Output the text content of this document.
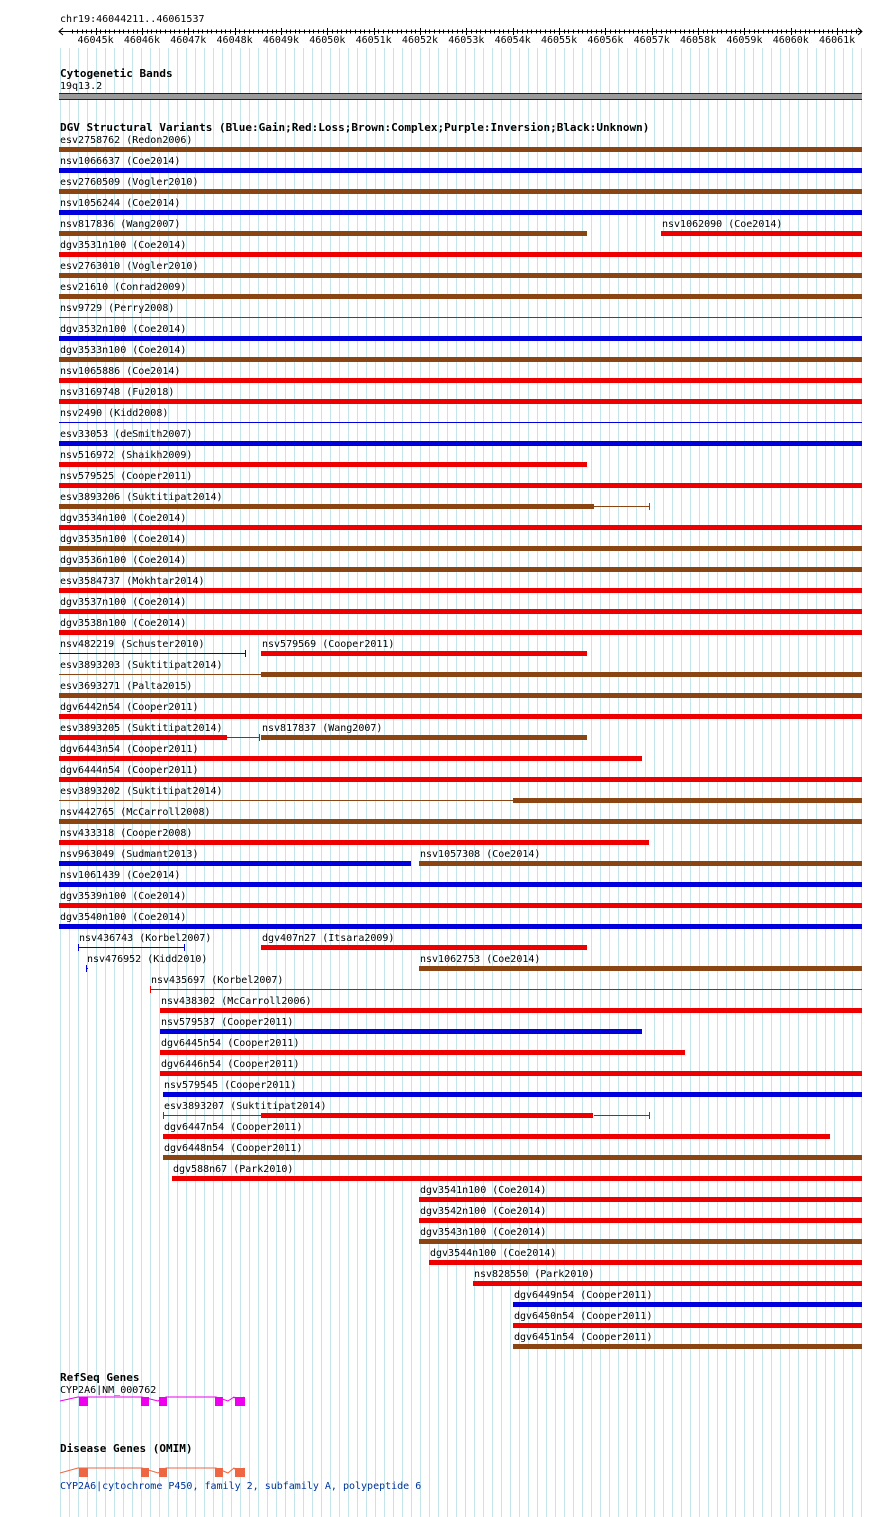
chr19:46044211..46061537
46045k 46046k 46047k 46048k 46049k 46050k 46051k 46052k 46053k 46054k 46055k 46056k 46057k 46058k 46059k 46060k 46061k
Cytogenetic Bands
19q13.2
DGV Structural Variants (Blue:Gain;Red:Loss;Brown:Complex;Purple:Inversion;Black:Unknown)
esv2758762 (Redon2006)
nsv1066637 (Coe2014)
esv2760509 (Vogler2010)
nsv1056244 (Coe2014)
nsv817836 (Wang2007)	nsv1062090 (Coe2014)
dgv3531n100 (Coe2014)
esv2763010 (Vogler2010)
esv21610 (Conrad2009)
nsv9729 (Perry2008)
dgv3532n100 (Coe2014)
dgv3533n100 (Coe2014)
nsv1065886 (Coe2014)
nsv3169748 (Fu2018)
nsv2490 (Kidd2008)
esv33053 (deSmith2007)
nsv516972 (Shaikh2009)
nsv579525 (Cooper2011)
esv3893206 (Suktitipat2014)
dgv3534n100 (Coe2014)
dgv3535n100 (Coe2014)
dgv3536n100 (Coe2014)
esv3584737 (Mokhtar2014)
dgv3537n100 (Coe2014)
dgv3538n100 (Coe2014)
nsv482219 (Schuster2010)	nsv579569 (Cooper2011)
esv3893203 (Suktitipat2014)
esv3693271 (Palta2015)
dgv6442n54 (Cooper2011)
esv3893205 (Suktitipat2014)	nsv817837 (Wang2007)
dgv6443n54 (Cooper2011)
dgv6444n54 (Cooper2011)
esv3893202 (Suktitipat2014)
nsv442765 (McCarroll2008)
nsv433318 (Cooper2008)
nsv963049 (Sudmant2013)	nsv1057308 (Coe2014)
nsv1061439 (Coe2014)
dgv3539n100 (Coe2014)
dgv3540n100 (Coe2014)
nsv436743 (Korbel2007)	dgv407n27 (Itsara2009)
nsv476952 (Kidd2010)	nsv1062753 (Coe2014)
nsv435697 (Korbel2007)
nsv438302 (McCarroll2006)
nsv579537 (Cooper2011)
dgv6445n54 (Cooper2011)
dgv6446n54 (Cooper2011)
nsv579545 (Cooper2011)
esv3893207 (Suktitipat2014)
dgv6447n54 (Cooper2011)
dgv6448n54 (Cooper2011)
dgv588n67 (Park2010)
dgv3541n100 (Coe2014)
dgv3542n100 (Coe2014)
dgv3543n100 (Coe2014)
dgv3544n100 (Coe2014)
nsv828550 (Park2010)
dgv6449n54 (Cooper2011)
dgv6450n54 (Cooper2011)
dgv6451n54 (Cooper2011)
RefSeq Genes
CYP2A6|NM_000762
Disease Genes (OMIM)
CYP2A6|cytochrome P450, family 2, subfamily A, polypeptide 6
